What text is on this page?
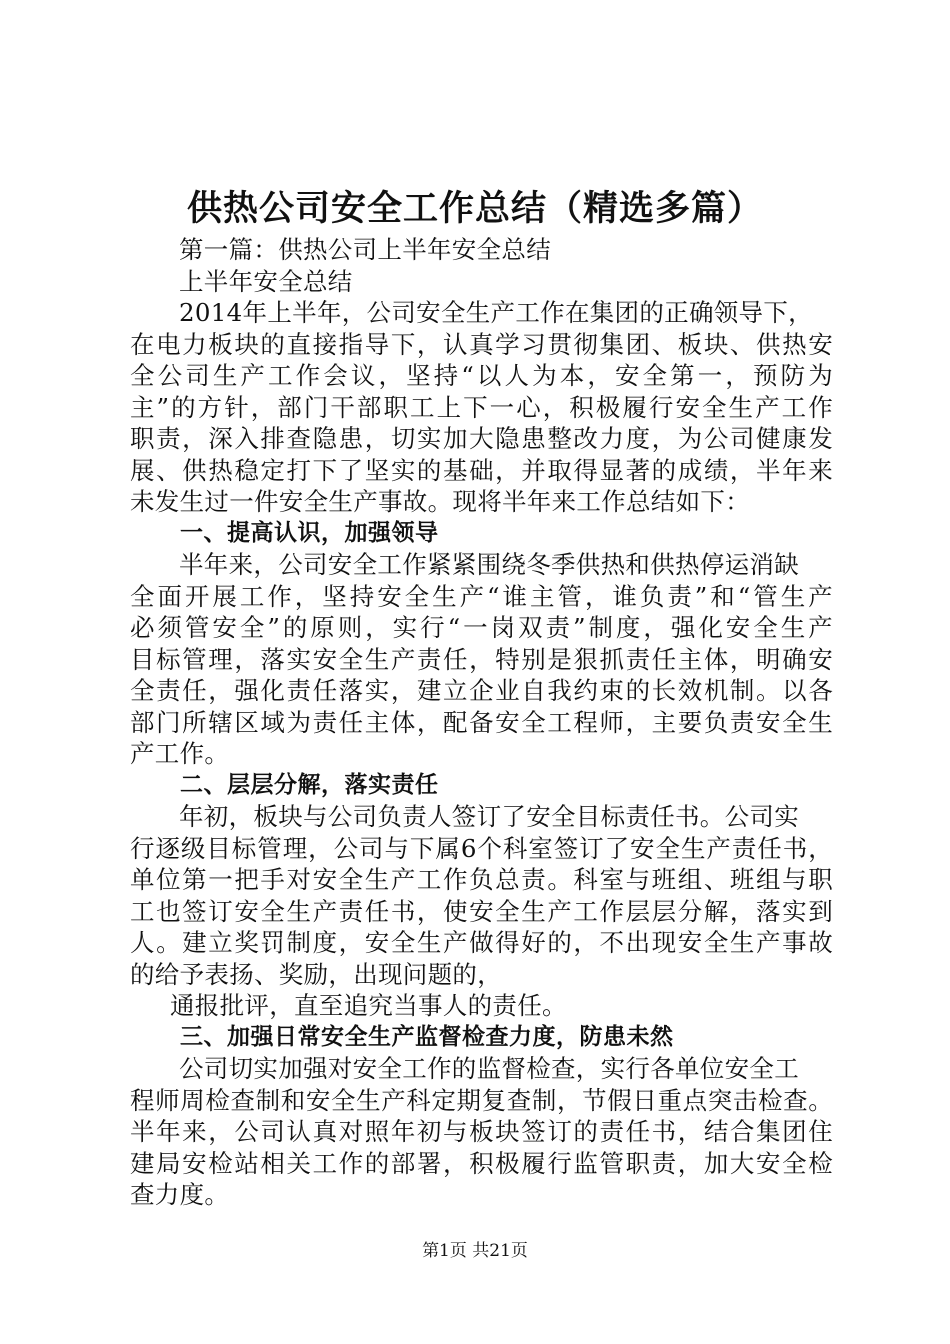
供热公司安全工作总结（精选多篇）
第一篇：供热公司上半年安全总结
上半年安全总结
2014年上半年，公司安全生产工作在集团的正确领导下，
在电力板块的直接指导下，认真学习贯彻集团、板块、供热安
全公司生产工作会议，坚持“以人为本，安全第一，预防为
主”的方针，部门干部职工上下一心，积极履行安全生产工作
职责，深入排查隐患，切实加大隐患整改力度，为公司健康发
展、供热稳定打下了坚实的基础，并取得显著的成绩，半年来
未发生过一件安全生产事故。现将半年来工作总结如下：
一、提高认识，加强领导
半年来，公司安全工作紧紧围绕冬季供热和供热停运消缺
全面开展工作，坚持安全生产“谁主管，谁负责”和“管生产
必须管安全”的原则，实行“一岗双责”制度，强化安全生产
目标管理，落实安全生产责任，特别是狠抓责任主体，明确安
全责任，强化责任落实，建立企业自我约束的长效机制。以各
部门所辖区域为责任主体，配备安全工程师，主要负责安全生
产工作。
二、层层分解，落实责任
年初，板块与公司负责人签订了安全目标责任书。公司实
行逐级目标管理，公司与下属6个科室签订了安全生产责任书，
单位第一把手对安全生产工作负总责。科室与班组、班组与职
工也签订安全生产责任书，使安全生产工作层层分解，落实到
人。建立奖罚制度，安全生产做得好的，不出现安全生产事故
的给予表扬、奖励，出现问题的，
通报批评，直至追究当事人的责任。
三、加强日常安全生产监督检查力度，防患未然
公司切实加强对安全工作的监督检查，实行各单位安全工
程师周检查制和安全生产科定期复查制，节假日重点突击检查。
半年来，公司认真对照年初与板块签订的责任书，结合集团住
建局安检站相关工作的部署，积极履行监管职责，加大安全检
查力度。
第1页 共21页
